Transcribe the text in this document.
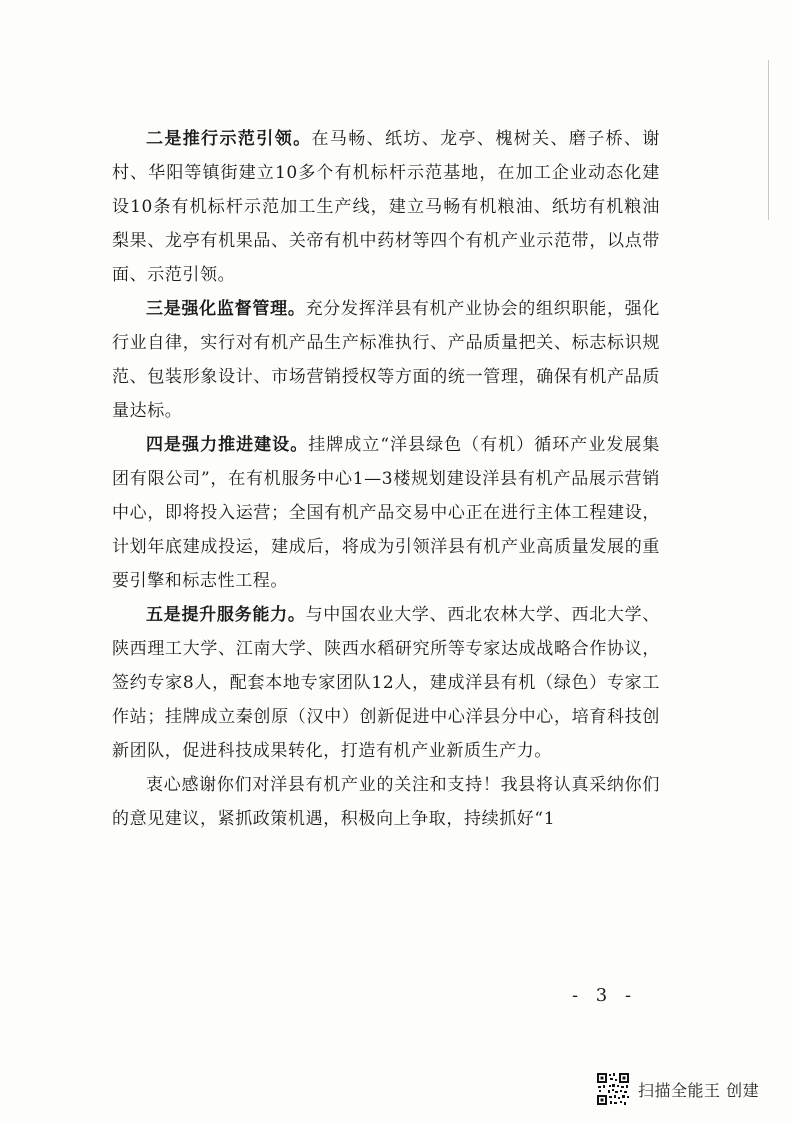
二是推行示范引领。在马畅、纸坊、龙亭、槐树关、磨子桥、谢村、华阳等镇街建立10多个有机标杆示范基地，在加工企业动态化建设10条有机标杆示范加工生产线，建立马畅有机粮油、纸坊有机粮油梨果、龙亭有机果品、关帝有机中药材等四个有机产业示范带，以点带面、示范引领。

三是强化监督管理。充分发挥洋县有机产业协会的组织职能，强化行业自律，实行对有机产品生产标准执行、产品质量把关、标志标识规范、包装形象设计、市场营销授权等方面的统一管理，确保有机产品质量达标。

四是强力推进建设。挂牌成立“洋县绿色（有机）循环产业发展集团有限公司”，在有机服务中心1—3楼规划建设洋县有机产品展示营销中心，即将投入运营；全国有机产品交易中心正在进行主体工程建设，计划年底建成投运，建成后，将成为引领洋县有机产业高质量发展的重要引擎和标志性工程。

五是提升服务能力。与中国农业大学、西北农林大学、西北大学、陕西理工大学、江南大学、陕西水稻研究所等专家达成战略合作协议，签约专家8人，配套本地专家团队12人，建成洋县有机（绿色）专家工作站；挂牌成立秦创原（汉中）创新促进中心洋县分中心，培育科技创新团队，促进科技成果转化，打造有机产业新质生产力。

衷心感谢你们对洋县有机产业的关注和支持！我县将认真采纳你们的意见建议，紧抓政策机遇，积极向上争取，持续抓好“1

- 3 -
扫描全能王 创建
